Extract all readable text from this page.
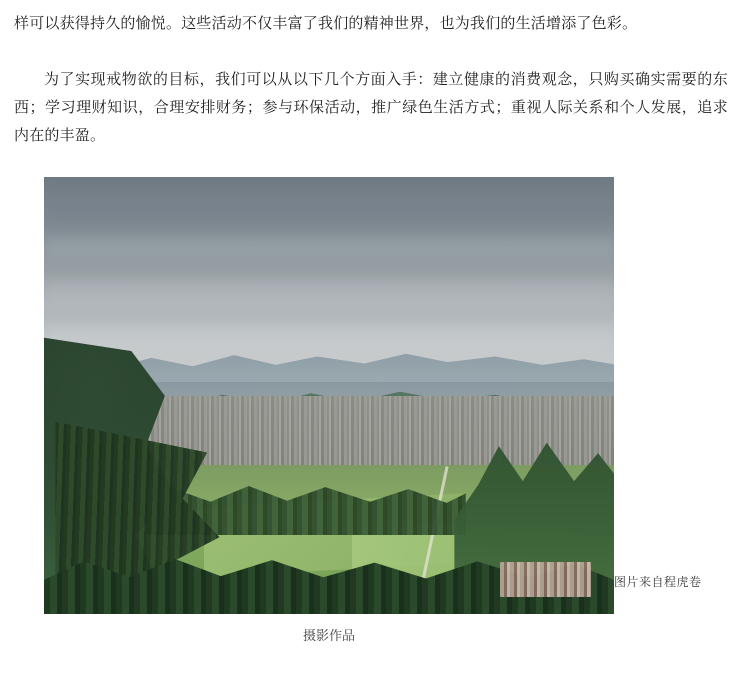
样可以获得持久的愉悦。这些活动不仅丰富了我们的精神世界，也为我们的生活增添了色彩。

为了实现戒物欲的目标，我们可以从以下几个方面入手：建立健康的消费观念，只购买确实需要的东西；学习理财知识，合理安排财务；参与环保活动，推广绿色生活方式；重视人际关系和个人发展，追求内在的丰盈。

图片来自程虎卷
摄影作品
